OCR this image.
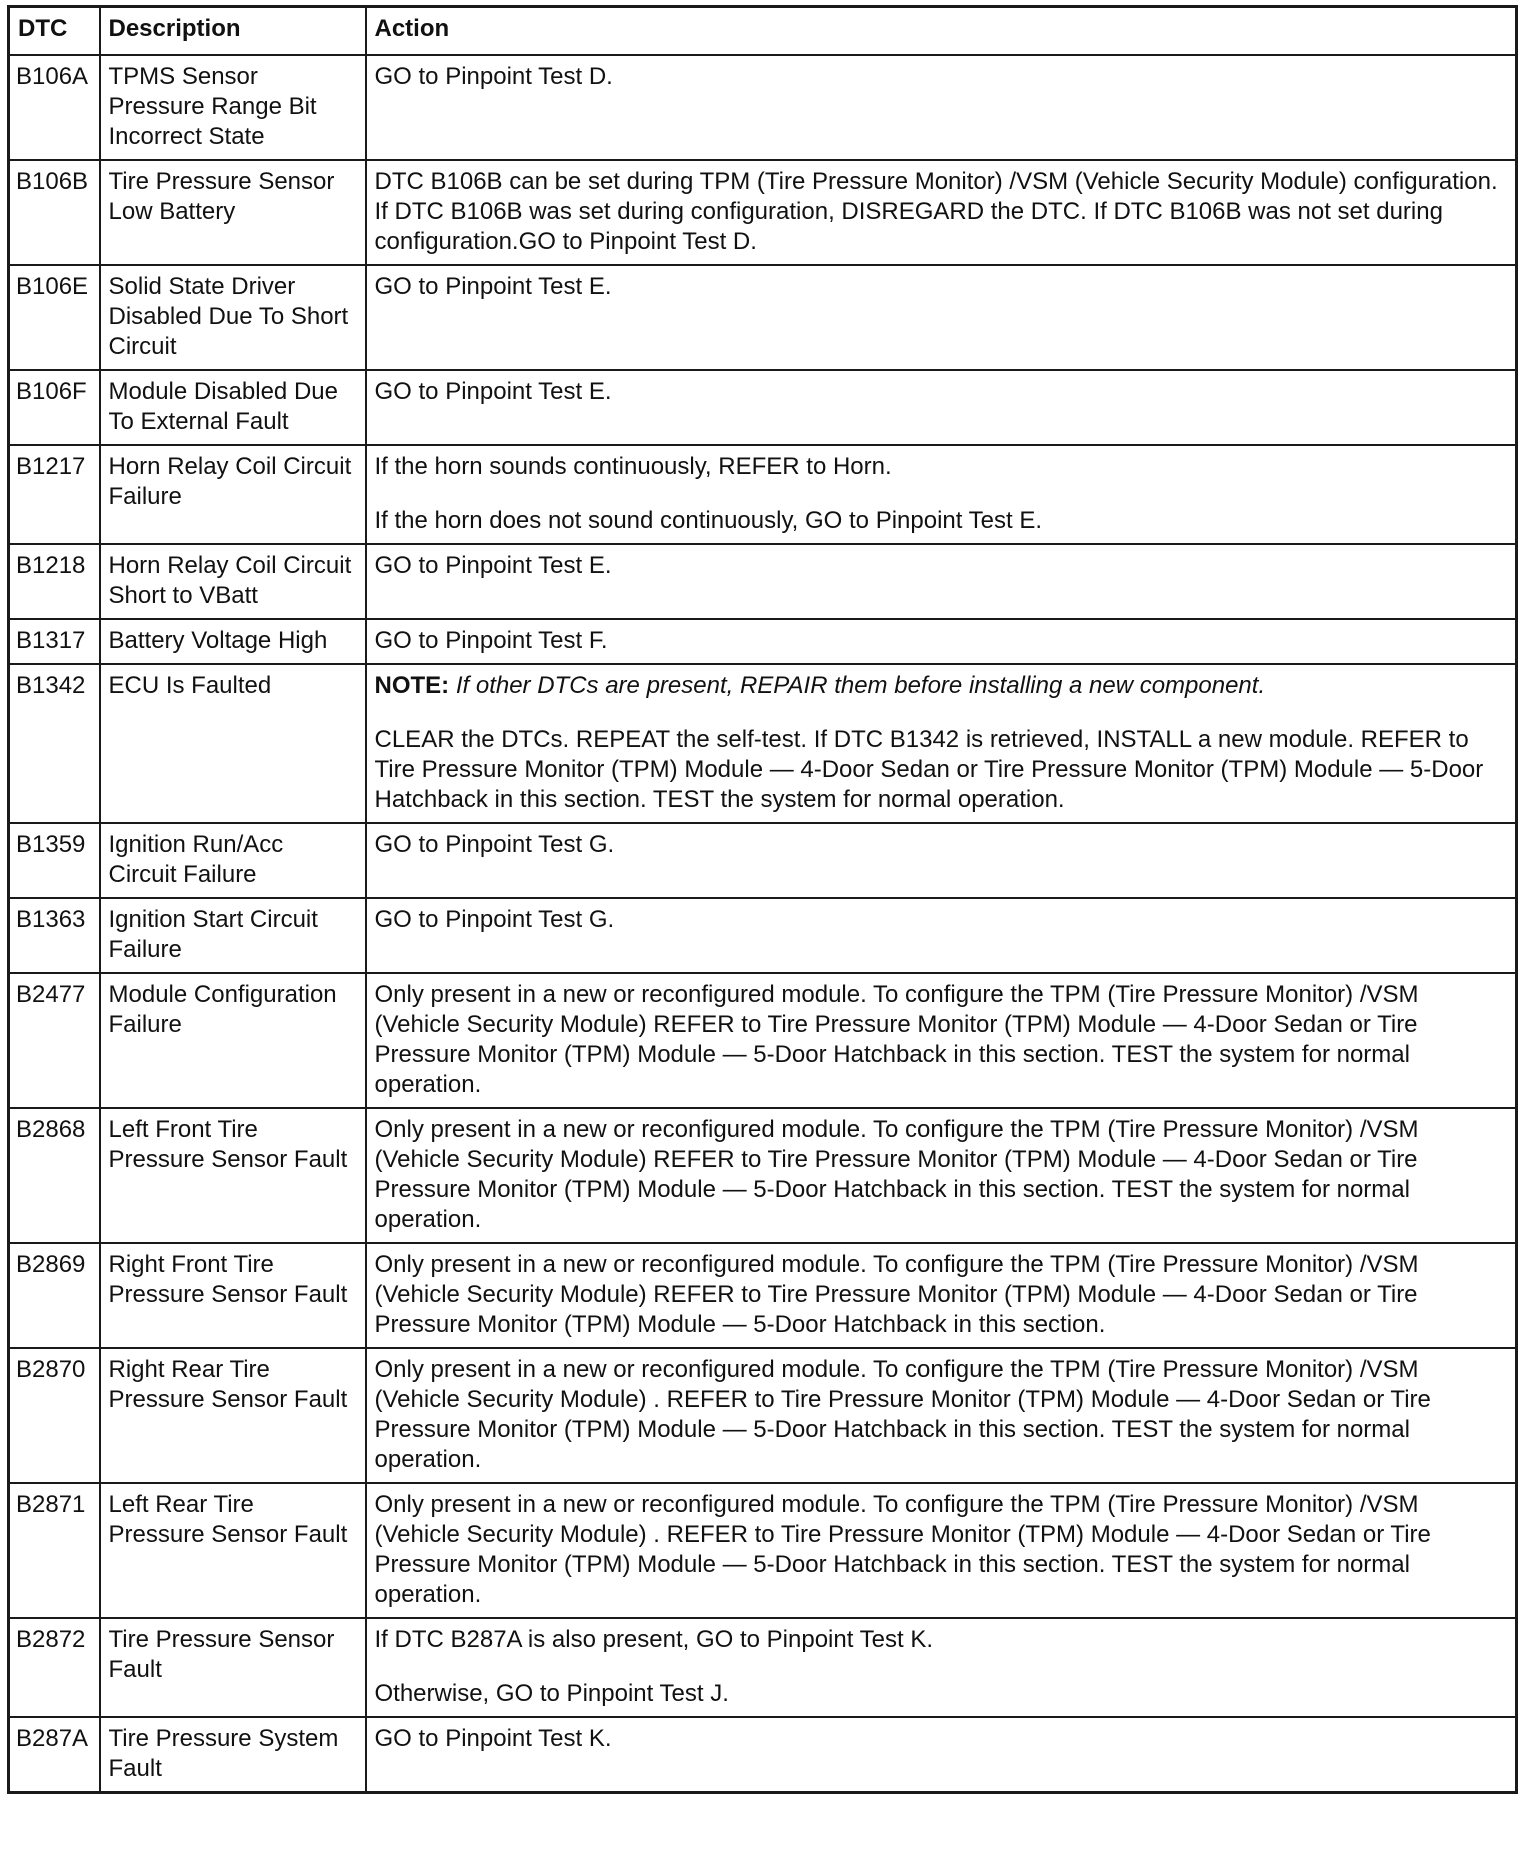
DTC	Description	Action
B106A	TPMS Sensor Pressure Range Bit Incorrect State	GO to Pinpoint Test D.

B106B	Tire Pressure Sensor Low Battery	DTC B106B can be set during TPM (Tire Pressure Monitor) /VSM (Vehicle Security Module) configuration. If DTC B106B was set during configuration, DISREGARD the DTC. If DTC B106B was not set during configuration.GO to Pinpoint Test D.

B106E	Solid State Driver Disabled Due To Short Circuit	GO to Pinpoint Test E.

B106F	Module Disabled Due To External Fault	GO to Pinpoint Test E.

B1217	Horn Relay Coil Circuit Failure	If the horn sounds continuously, REFER to Horn.
If the horn does not sound continuously, GO to Pinpoint Test E.

B1218	Horn Relay Coil Circuit Short to VBatt	GO to Pinpoint Test E.

B1317	Battery Voltage High	GO to Pinpoint Test F.

B1342	ECU Is Faulted	NOTE: If other DTCs are present, REPAIR them before installing a new component.
CLEAR the DTCs. REPEAT the self-test. If DTC B1342 is retrieved, INSTALL a new module. REFER to Tire Pressure Monitor (TPM) Module — 4-Door Sedan or Tire Pressure Monitor (TPM) Module — 5-Door Hatchback in this section. TEST the system for normal operation.

B1359	Ignition Run/Acc Circuit Failure	GO to Pinpoint Test G.

B1363	Ignition Start Circuit Failure	GO to Pinpoint Test G.

B2477	Module Configuration Failure	Only present in a new or reconfigured module. To configure the TPM (Tire Pressure Monitor) /VSM (Vehicle Security Module) REFER to Tire Pressure Monitor (TPM) Module — 4-Door Sedan or Tire Pressure Monitor (TPM) Module — 5-Door Hatchback in this section. TEST the system for normal operation.

B2868	Left Front Tire Pressure Sensor Fault	Only present in a new or reconfigured module. To configure the TPM (Tire Pressure Monitor) /VSM (Vehicle Security Module) REFER to Tire Pressure Monitor (TPM) Module — 4-Door Sedan or Tire Pressure Monitor (TPM) Module — 5-Door Hatchback in this section. TEST the system for normal operation.

B2869	Right Front Tire Pressure Sensor Fault	Only present in a new or reconfigured module. To configure the TPM (Tire Pressure Monitor) /VSM (Vehicle Security Module) REFER to Tire Pressure Monitor (TPM) Module — 4-Door Sedan or Tire Pressure Monitor (TPM) Module — 5-Door Hatchback in this section.

B2870	Right Rear Tire Pressure Sensor Fault	Only present in a new or reconfigured module. To configure the TPM (Tire Pressure Monitor) /VSM (Vehicle Security Module) . REFER to Tire Pressure Monitor (TPM) Module — 4-Door Sedan or Tire Pressure Monitor (TPM) Module — 5-Door Hatchback in this section. TEST the system for normal operation.

B2871	Left Rear Tire Pressure Sensor Fault	Only present in a new or reconfigured module. To configure the TPM (Tire Pressure Monitor) /VSM (Vehicle Security Module) . REFER to Tire Pressure Monitor (TPM) Module — 4-Door Sedan or Tire Pressure Monitor (TPM) Module — 5-Door Hatchback in this section. TEST the system for normal operation.

B2872	Tire Pressure Sensor Fault	If DTC B287A is also present, GO to Pinpoint Test K.
Otherwise, GO to Pinpoint Test J.

B287A	Tire Pressure System Fault	GO to Pinpoint Test K.
